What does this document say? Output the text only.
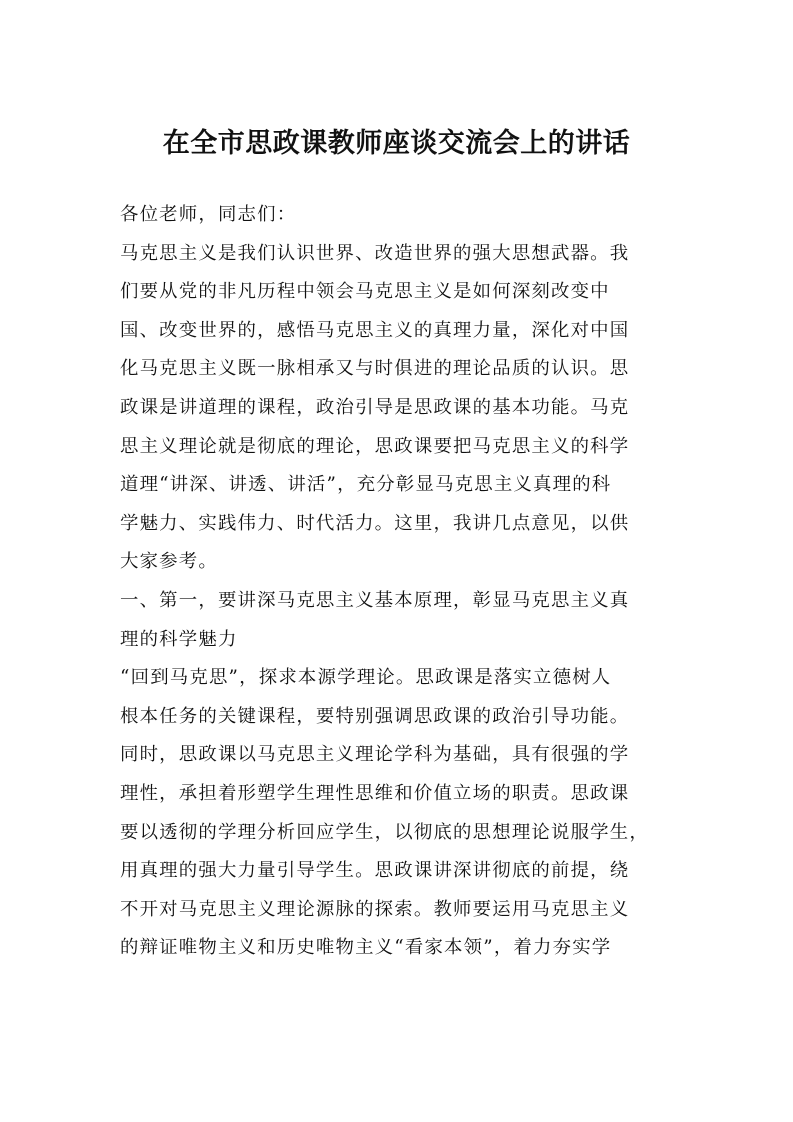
在全市思政课教师座谈交流会上的讲话
各位老师，同志们：
马克思主义是我们认识世界、改造世界的强大思想武器。我
们要从党的非凡历程中领会马克思主义是如何深刻改变中
国、改变世界的，感悟马克思主义的真理力量，深化对中国
化马克思主义既一脉相承又与时俱进的理论品质的认识。思
政课是讲道理的课程，政治引导是思政课的基本功能。马克
思主义理论就是彻底的理论，思政课要把马克思主义的科学
道理“讲深、讲透、讲活”，充分彰显马克思主义真理的科
学魅力、实践伟力、时代活力。这里，我讲几点意见，以供
大家参考。
一、第一，要讲深马克思主义基本原理，彰显马克思主义真
理的科学魅力
“回到马克思”，探求本源学理论。思政课是落实立德树人
根本任务的关键课程，要特别强调思政课的政治引导功能。
同时，思政课以马克思主义理论学科为基础，具有很强的学
理性，承担着形塑学生理性思维和价值立场的职责。思政课
要以透彻的学理分析回应学生，以彻底的思想理论说服学生，
用真理的强大力量引导学生。思政课讲深讲彻底的前提，绕
不开对马克思主义理论源脉的探索。教师要运用马克思主义
的辩证唯物主义和历史唯物主义“看家本领”，着力夯实学
